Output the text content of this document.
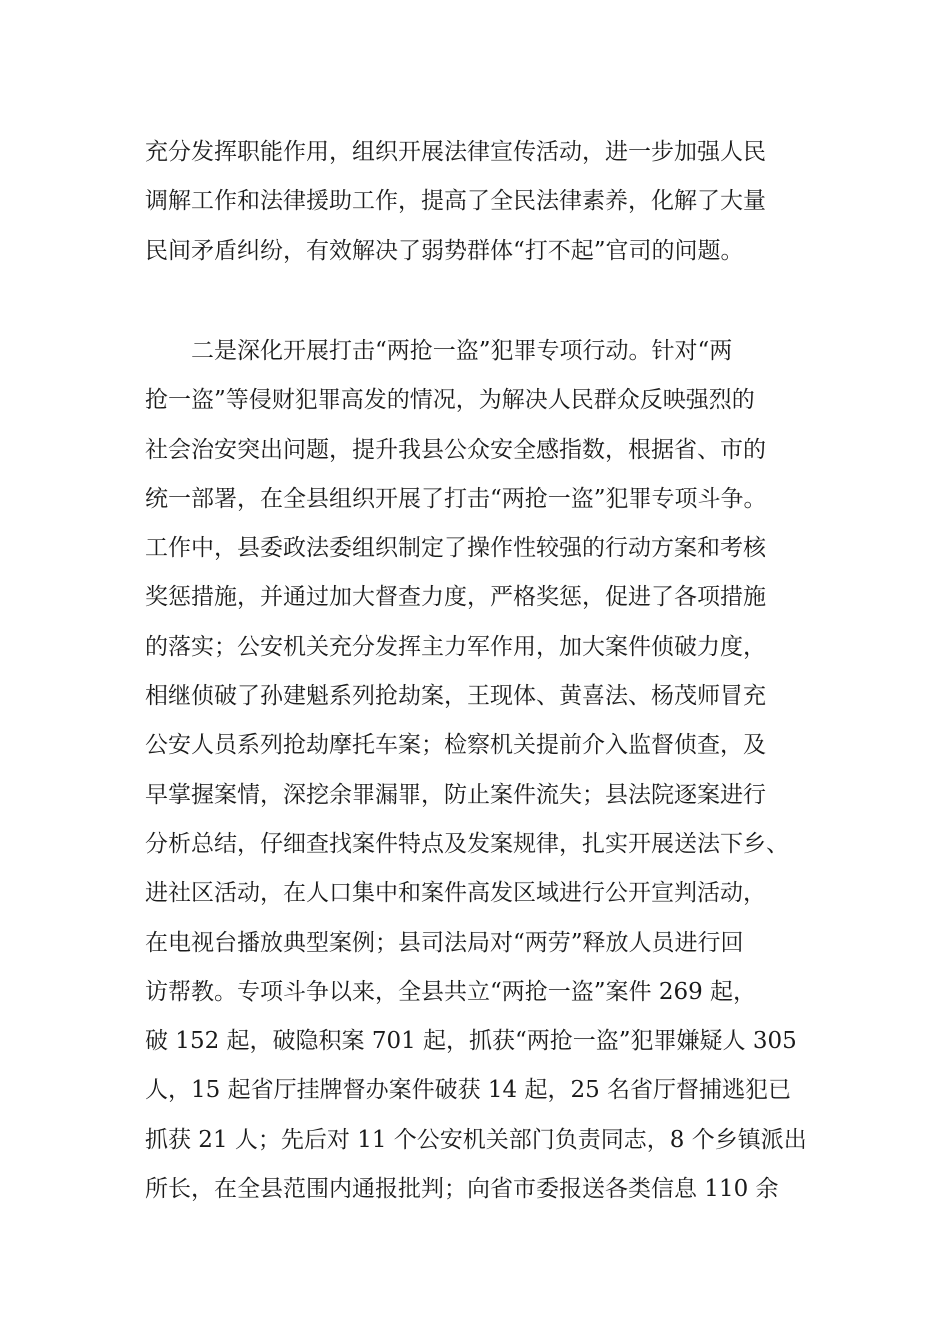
充分发挥职能作用，组织开展法律宣传活动，进一步加强人民
调解工作和法律援助工作，提高了全民法律素养，化解了大量
民间矛盾纠纷，有效解决了弱势群体“打不起”官司的问题。
二是深化开展打击“两抢一盗”犯罪专项行动。针对“两
抢一盗”等侵财犯罪高发的情况，为解决人民群众反映强烈的
社会治安突出问题，提升我县公众安全感指数，根据省、市的
统一部署，在全县组织开展了打击“两抢一盗”犯罪专项斗争。
工作中，县委政法委组织制定了操作性较强的行动方案和考核
奖惩措施，并通过加大督查力度，严格奖惩，促进了各项措施
的落实；公安机关充分发挥主力军作用，加大案件侦破力度，
相继侦破了孙建魁系列抢劫案，王现体、黄喜法、杨茂师冒充
公安人员系列抢劫摩托车案；检察机关提前介入监督侦查，及
早掌握案情，深挖余罪漏罪，防止案件流失；县法院逐案进行
分析总结，仔细查找案件特点及发案规律，扎实开展送法下乡、
进社区活动，在人口集中和案件高发区域进行公开宣判活动，
在电视台播放典型案例；县司法局对“两劳”释放人员进行回
访帮教。专项斗争以来，全县共立“两抢一盗”案件 269 起，
破 152 起，破隐积案 701 起，抓获“两抢一盗”犯罪嫌疑人 305
人，15 起省厅挂牌督办案件破获 14 起，25 名省厅督捕逃犯已
抓获 21 人；先后对 11 个公安机关部门负责同志，8 个乡镇派出
所长，在全县范围内通报批判；向省市委报送各类信息 110 余
